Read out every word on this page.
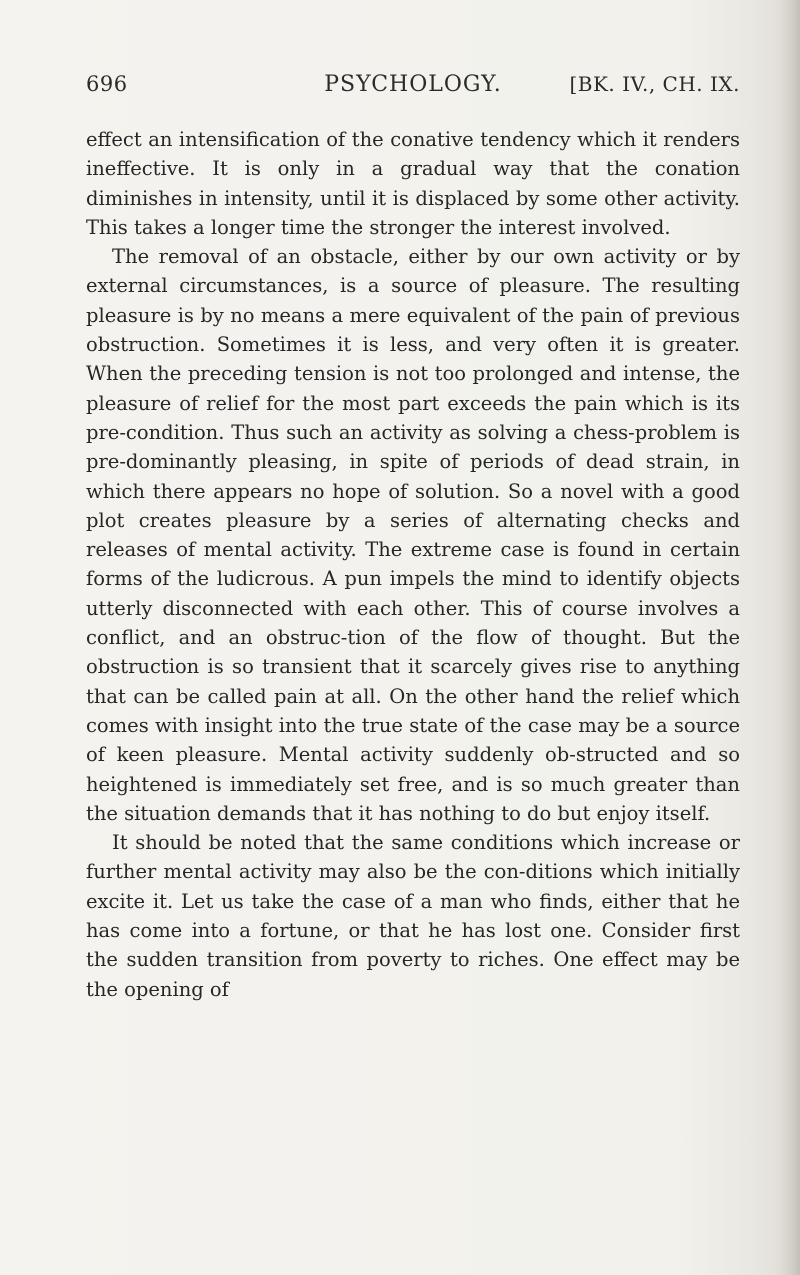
696	PSYCHOLOGY.	[BK. IV., CH. IX.

effect an intensification of the conative tendency which it renders ineffective. It is only in a gradual way that the conation diminishes in intensity, until it is displaced by some other activity. This takes a longer time the stronger the interest involved.

The removal of an obstacle, either by our own activity or by external circumstances, is a source of pleasure. The resulting pleasure is by no means a mere equivalent of the pain of previous obstruction. Sometimes it is less, and very often it is greater. When the preceding tension is not too prolonged and intense, the pleasure of relief for the most part exceeds the pain which is its pre-condition. Thus such an activity as solving a chess-problem is pre-dominantly pleasing, in spite of periods of dead strain, in which there appears no hope of solution. So a novel with a good plot creates pleasure by a series of alternating checks and releases of mental activity. The extreme case is found in certain forms of the ludicrous. A pun impels the mind to identify objects utterly disconnected with each other. This of course involves a conflict, and an obstruc-tion of the flow of thought. But the obstruction is so transient that it scarcely gives rise to anything that can be called pain at all. On the other hand the relief which comes with insight into the true state of the case may be a source of keen pleasure. Mental activity suddenly ob-structed and so heightened is immediately set free, and is so much greater than the situation demands that it has nothing to do but enjoy itself.

It should be noted that the same conditions which increase or further mental activity may also be the con-ditions which initially excite it. Let us take the case of a man who finds, either that he has come into a fortune, or that he has lost one. Consider first the sudden transition from poverty to riches. One effect may be the opening of
